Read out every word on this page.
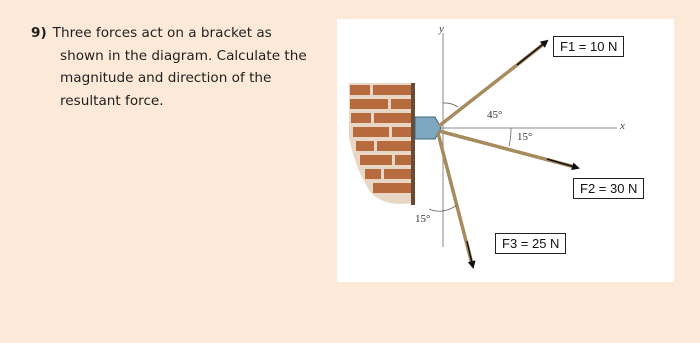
9) Three forces act on a bracket as
shown in the diagram. Calculate the
magnitude and direction of the
resultant force.
y
x
45°
15°
15°
F1 = 10 N
F2 = 30 N
F3 = 25 N
